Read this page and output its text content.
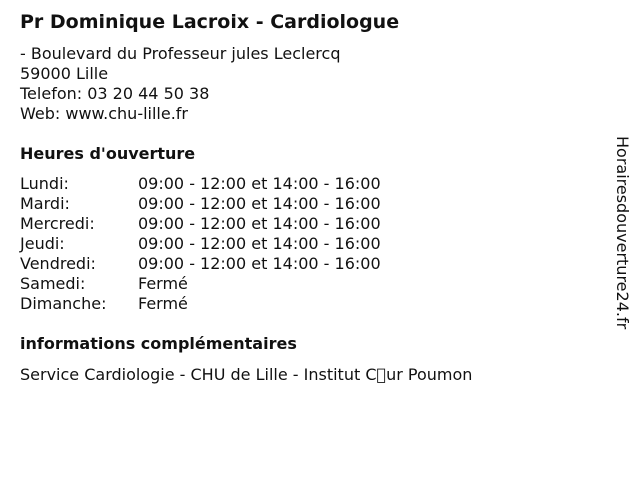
Pr Dominique Lacroix - Cardiologue
- Boulevard du Professeur jules Leclercq
59000 Lille
Telefon: 03 20 44 50 38
Web: www.chu-lille.fr
Heures d'ouverture
Lundi:	09:00 - 12:00 et 14:00 - 16:00
Mardi:	09:00 - 12:00 et 14:00 - 16:00
Mercredi:	09:00 - 12:00 et 14:00 - 16:00
Jeudi:	09:00 - 12:00 et 14:00 - 16:00
Vendredi:	09:00 - 12:00 et 14:00 - 16:00
Samedi:	Fermé
Dimanche:	Fermé
informations complémentaires
Service Cardiologie - CHU de Lille - Institut C ur Poumon
Horairesdouverture24.fr
